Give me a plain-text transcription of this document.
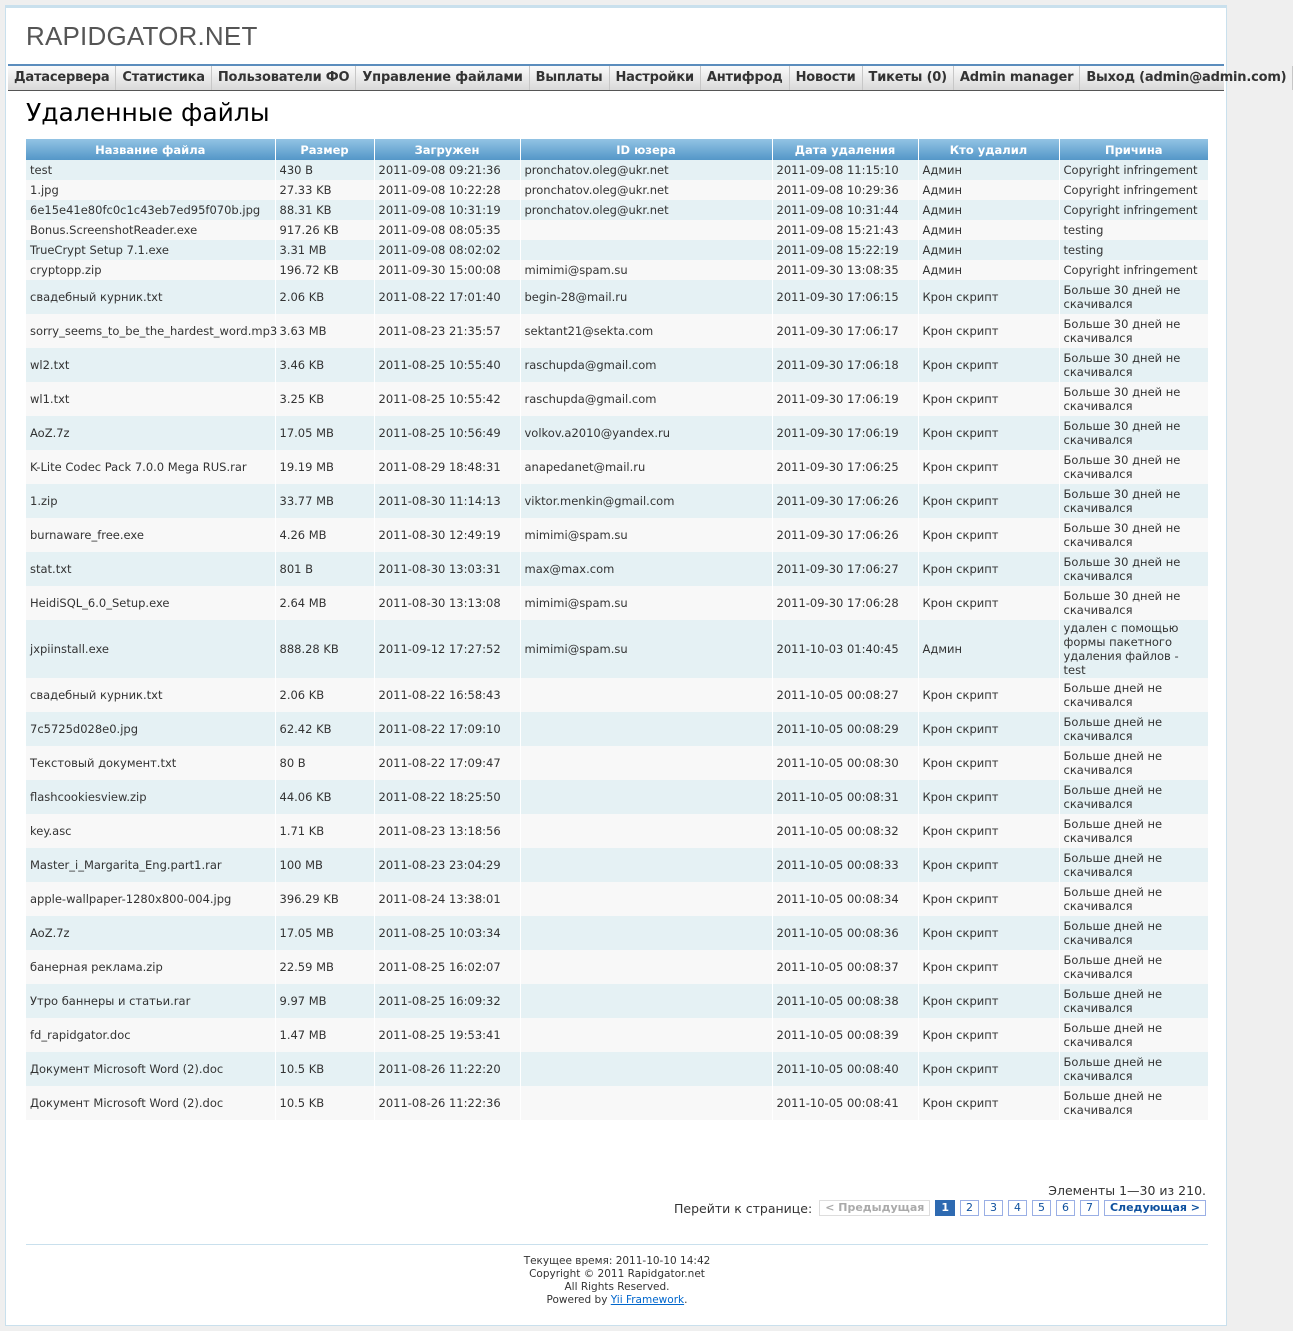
RAPIDGATOR.NET
Датасервера	Статистика	Пользователи ФО	Управление файлами	Выплаты	Настройки	Антифрод	Новости	Тикеты (0)	Admin manager	Выход (admin@admin.com)
Удаленные файлы
Название файла	Размер	Загружен	ID юзера	Дата удаления	Кто удалил	Причина
test	430 B	2011-09-08 09:21:36	pronchatov.oleg@ukr.net	2011-09-08 11:15:10	Админ	Copyright infringement
1.jpg	27.33 KB	2011-09-08 10:22:28	pronchatov.oleg@ukr.net	2011-09-08 10:29:36	Админ	Copyright infringement
6e15e41e80fc0c1c43eb7ed95f070b.jpg	88.31 KB	2011-09-08 10:31:19	pronchatov.oleg@ukr.net	2011-09-08 10:31:44	Админ	Copyright infringement
Bonus.ScreenshotReader.exe	917.26 KB	2011-09-08 08:05:35		2011-09-08 15:21:43	Админ	testing
TrueCrypt Setup 7.1.exe	3.31 MB	2011-09-08 08:02:02		2011-09-08 15:22:19	Админ	testing
cryptopp.zip	196.72 KB	2011-09-30 15:00:08	mimimi@spam.su	2011-09-30 13:08:35	Админ	Copyright infringement
свадебный курник.txt	2.06 KB	2011-08-22 17:01:40	begin-28@mail.ru	2011-09-30 17:06:15	Крон скрипт	Больше 30 дней не скачивался
sorry_seems_to_be_the_hardest_word.mp3	3.63 MB	2011-08-23 21:35:57	sektant21@sekta.com	2011-09-30 17:06:17	Крон скрипт	Больше 30 дней не скачивался
wl2.txt	3.46 KB	2011-08-25 10:55:40	raschupda@gmail.com	2011-09-30 17:06:18	Крон скрипт	Больше 30 дней не скачивался
wl1.txt	3.25 KB	2011-08-25 10:55:42	raschupda@gmail.com	2011-09-30 17:06:19	Крон скрипт	Больше 30 дней не скачивался
AoZ.7z	17.05 MB	2011-08-25 10:56:49	volkov.a2010@yandex.ru	2011-09-30 17:06:19	Крон скрипт	Больше 30 дней не скачивался
K-Lite Codec Pack 7.0.0 Mega RUS.rar	19.19 MB	2011-08-29 18:48:31	anapedanet@mail.ru	2011-09-30 17:06:25	Крон скрипт	Больше 30 дней не скачивался
1.zip	33.77 MB	2011-08-30 11:14:13	viktor.menkin@gmail.com	2011-09-30 17:06:26	Крон скрипт	Больше 30 дней не скачивался
burnaware_free.exe	4.26 MB	2011-08-30 12:49:19	mimimi@spam.su	2011-09-30 17:06:26	Крон скрипт	Больше 30 дней не скачивался
stat.txt	801 B	2011-08-30 13:03:31	max@max.com	2011-09-30 17:06:27	Крон скрипт	Больше 30 дней не скачивался
HeidiSQL_6.0_Setup.exe	2.64 MB	2011-08-30 13:13:08	mimimi@spam.su	2011-09-30 17:06:28	Крон скрипт	Больше 30 дней не скачивался
jxpiinstall.exe	888.28 KB	2011-09-12 17:27:52	mimimi@spam.su	2011-10-03 01:40:45	Админ	удален с помощью формы пакетного удаления файлов - test
свадебный курник.txt	2.06 KB	2011-08-22 16:58:43		2011-10-05 00:08:27	Крон скрипт	Больше дней не скачивался
7c5725d028e0.jpg	62.42 KB	2011-08-22 17:09:10		2011-10-05 00:08:29	Крон скрипт	Больше дней не скачивался
Текстовый документ.txt	80 B	2011-08-22 17:09:47		2011-10-05 00:08:30	Крон скрипт	Больше дней не скачивался
flashcookiesview.zip	44.06 KB	2011-08-22 18:25:50		2011-10-05 00:08:31	Крон скрипт	Больше дней не скачивался
key.asc	1.71 KB	2011-08-23 13:18:56		2011-10-05 00:08:32	Крон скрипт	Больше дней не скачивался
Master_i_Margarita_Eng.part1.rar	100 MB	2011-08-23 23:04:29		2011-10-05 00:08:33	Крон скрипт	Больше дней не скачивался
apple-wallpaper-1280x800-004.jpg	396.29 KB	2011-08-24 13:38:01		2011-10-05 00:08:34	Крон скрипт	Больше дней не скачивался
AoZ.7z	17.05 MB	2011-08-25 10:03:34		2011-10-05 00:08:36	Крон скрипт	Больше дней не скачивался
банерная реклама.zip	22.59 MB	2011-08-25 16:02:07		2011-10-05 00:08:37	Крон скрипт	Больше дней не скачивался
Утро баннеры и статьи.rar	9.97 MB	2011-08-25 16:09:32		2011-10-05 00:08:38	Крон скрипт	Больше дней не скачивался
fd_rapidgator.doc	1.47 MB	2011-08-25 19:53:41		2011-10-05 00:08:39	Крон скрипт	Больше дней не скачивался
Документ Microsoft Word (2).doc	10.5 KB	2011-08-26 11:22:20		2011-10-05 00:08:40	Крон скрипт	Больше дней не скачивался
Документ Microsoft Word (2).doc	10.5 KB	2011-08-26 11:22:36		2011-10-05 00:08:41	Крон скрипт	Больше дней не скачивался
Элементы 1—30 из 210.
Перейти к странице:	< Предыдущая	1	2	3	4	5	6	7	Следующая >
Текущее время: 2011-10-10 14:42
Copyright © 2011 Rapidgator.net
All Rights Reserved.
Powered by Yii Framework.
